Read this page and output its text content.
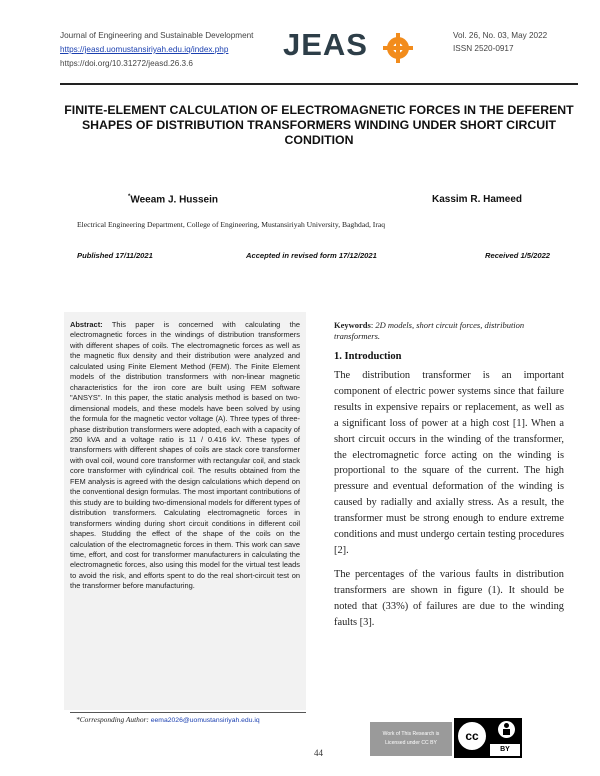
Journal of Engineering and Sustainable Development
https://jeasd.uomustansiriyah.edu.iq/index.php
https://doi.org/10.31272/jeasd.26.3.6
JEAS	Vol. 26, No. 03, May 2022
ISSN 2520-0917
FINITE-ELEMENT CALCULATION OF ELECTROMAGNETIC FORCES IN THE DEFERENT SHAPES OF DISTRIBUTION TRANSFORMERS WINDING UNDER SHORT CIRCUIT CONDITION
*Weeam J. Hussein	Kassim R. Hameed
Electrical Engineering Department, College of Engineering, Mustansiriyah University, Baghdad, Iraq
Published 17/11/2021	Accepted in revised form 17/12/2021	Received 1/5/2022
Abstract: This paper is concerned with calculating the electromagnetic forces in the windings of distribution transformers with different shapes of coils. The electromagnetic forces as well as the magnetic flux density and their distribution were analyzed and calculated using Finite Element Method (FEM). The Finite Element models of the distribution transformers with non-linear magnetic characteristics for the iron core are built using FEM software "ANSYS". In this paper, the static analysis method is based on two-dimensional models, and these models have been solved by using the formula for the magnetic vector voltage (A). Three types of three-phase distribution transformers were adopted, each with a capacity of 250 kVA and a voltage ratio is 11 / 0.416 kV. These types of transformers with different shapes of coils are stack core transformer with oval coil, wound core transformer with rectangular coil, and stack core transformer with cylindrical coil. The results obtained from the FEM analysis is agreed with the design calculations which depend on the conventional design formulas. The most important contributions of this study are to building two-dimensional models for different types of distribution transformers. Calculating electromagnetic forces in transformers winding during short circuit conditions in different coil shapes. Studding the effect of the shape of the coils on the calculation of the electromagnetic forces in them. This work can save time, effort, and cost for transformer manufacturers in calculating the electromagnetic forces, also using this model for the virtual test leads to avoid the risk, and efforts spent to do the real short-circuit test on the transformer before manufacturing.
Keywords: 2D models, short circuit forces, distribution transformers.
1. Introduction

The distribution transformer is an important component of electric power systems since that failure results in expensive repairs or replacement, as well as a significant loss of power at a high cost [1]. When a short circuit occurs in the winding of the transformer, the electromagnetic force acting on the winding is proportional to the square of the current. The high pressure and eventual deformation of the winding is caused by radially and axially stress. As a result, the transformer must be strong enough to endure extreme conditions and must undergo certain testing procedures [2].

The percentages of the various faults in distribution transformers are shown in figure (1). It should be noted that (33%) of failures are due to the winding faults [3].

*Corresponding Author: eema2026@uomustansiriyah.edu.iq
44
Work of This Research is
Licensed under CC BY	cc
BY
